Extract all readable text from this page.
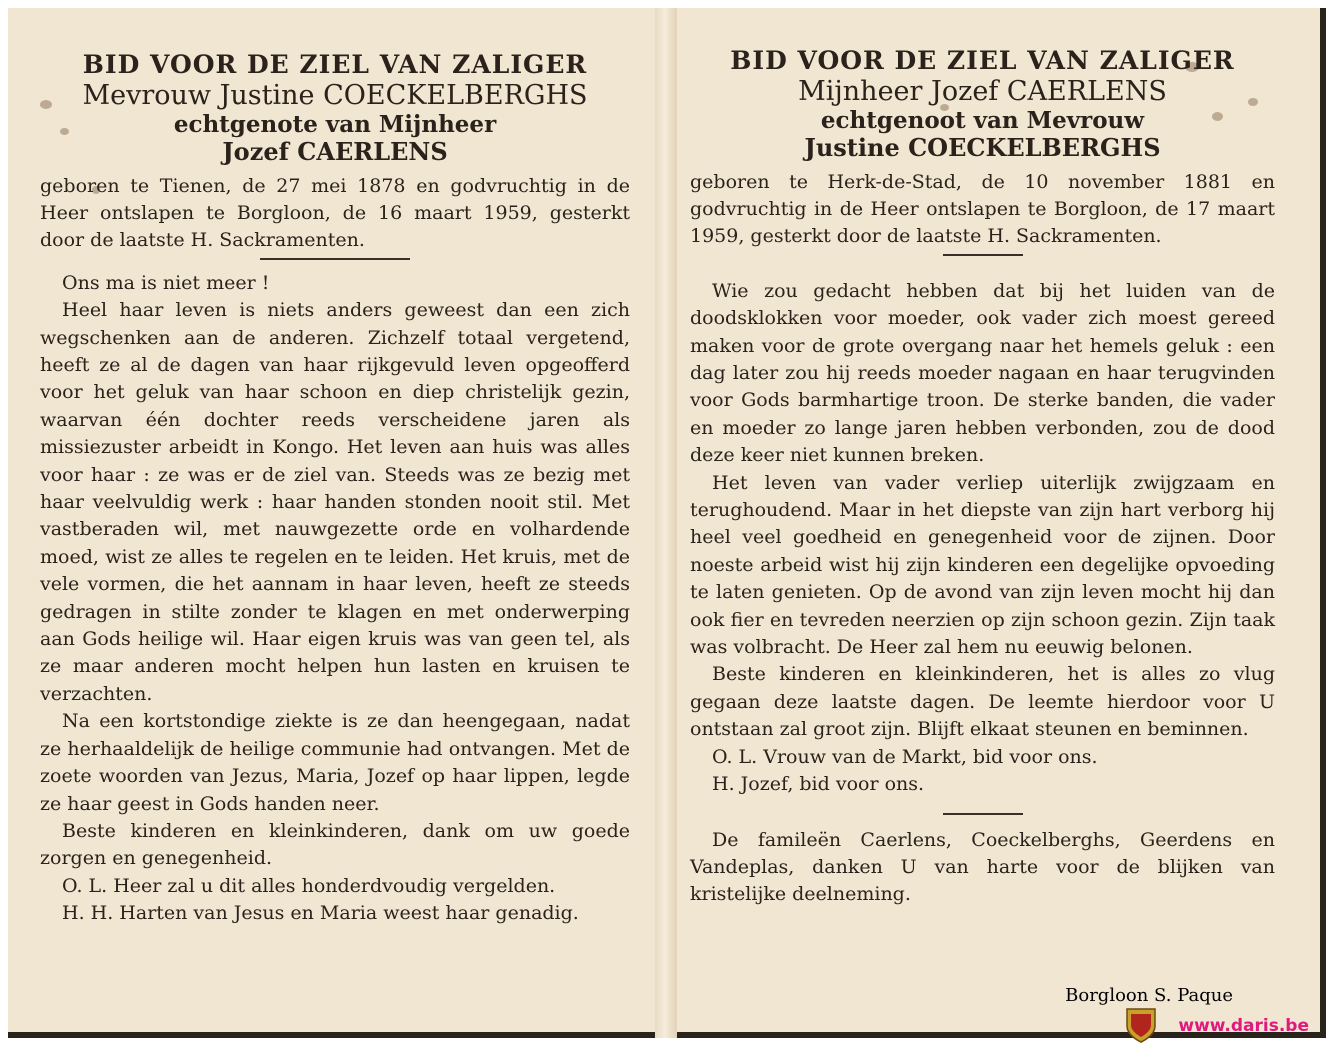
BID VOOR DE ZIEL VAN ZALIGER
Mevrouw Justine COECKELBERGHS
echtgenote van Mijnheer
Jozef CAERLENS
geboren te Tienen, de 27 mei 1878 en godvruchtig in de Heer ontslapen te Borgloon, de 16 maart 1959, gesterkt door de laatste H. Sackramenten.

Ons ma is niet meer !

Heel haar leven is niets anders geweest dan een zich wegschenken aan de anderen. Zichzelf totaal vergetend, heeft ze al de dagen van haar rijkgevuld leven opgeofferd voor het geluk van haar schoon en diep christelijk gezin, waarvan één dochter reeds verscheidene jaren als missiezuster arbeidt in Kongo. Het leven aan huis was alles voor haar : ze was er de ziel van. Steeds was ze bezig met haar veelvuldig werk : haar handen stonden nooit stil. Met vastberaden wil, met nauwgezette orde en volhardende moed, wist ze alles te regelen en te leiden. Het kruis, met de vele vormen, die het aannam in haar leven, heeft ze steeds gedragen in stilte zonder te klagen en met onderwerping aan Gods heilige wil. Haar eigen kruis was van geen tel, als ze maar anderen mocht helpen hun lasten en kruisen te verzachten.

Na een kortstondige ziekte is ze dan heengegaan, nadat ze herhaaldelijk de heilige communie had ontvangen. Met de zoete woorden van Jezus, Maria, Jozef op haar lippen, legde ze haar geest in Gods handen neer.

Beste kinderen en kleinkinderen, dank om uw goede zorgen en genegenheid.

O. L. Heer zal u dit alles honderdvoudig vergelden.

H. H. Harten van Jesus en Maria weest haar genadig.

BID VOOR DE ZIEL VAN ZALIGER
Mijnheer Jozef CAERLENS
echtgenoot van Mevrouw
Justine COECKELBERGHS
geboren te Herk-de-Stad, de 10 november 1881 en godvruchtig in de Heer ontslapen te Borgloon, de 17 maart 1959, gesterkt door de laatste H. Sackramenten.

Wie zou gedacht hebben dat bij het luiden van de doodsklokken voor moeder, ook vader zich moest gereed maken voor de grote overgang naar het hemels geluk : een dag later zou hij reeds moeder nagaan en haar terugvinden voor Gods barmhartige troon. De sterke banden, die vader en moeder zo lange jaren hebben verbonden, zou de dood deze keer niet kunnen breken.

Het leven van vader verliep uiterlijk zwijgzaam en terughoudend. Maar in het diepste van zijn hart verborg hij heel veel goedheid en genegenheid voor de zijnen. Door noeste arbeid wist hij zijn kinderen een degelijke opvoeding te laten genieten. Op de avond van zijn leven mocht hij dan ook fier en tevreden neerzien op zijn schoon gezin. Zijn taak was volbracht. De Heer zal hem nu eeuwig belonen.

Beste kinderen en kleinkinderen, het is alles zo vlug gegaan deze laatste dagen. De leemte hierdoor voor U ontstaan zal groot zijn. Blijft elkaat steunen en beminnen.

O. L. Vrouw van de Markt, bid voor ons.

H. Jozef, bid voor ons.

De famileën Caerlens, Coeckelberghs, Geerdens en Vandeplas, danken U van harte voor de blijken van kristelijke deelneming.

Borgloon S. Paque
www.daris.be
